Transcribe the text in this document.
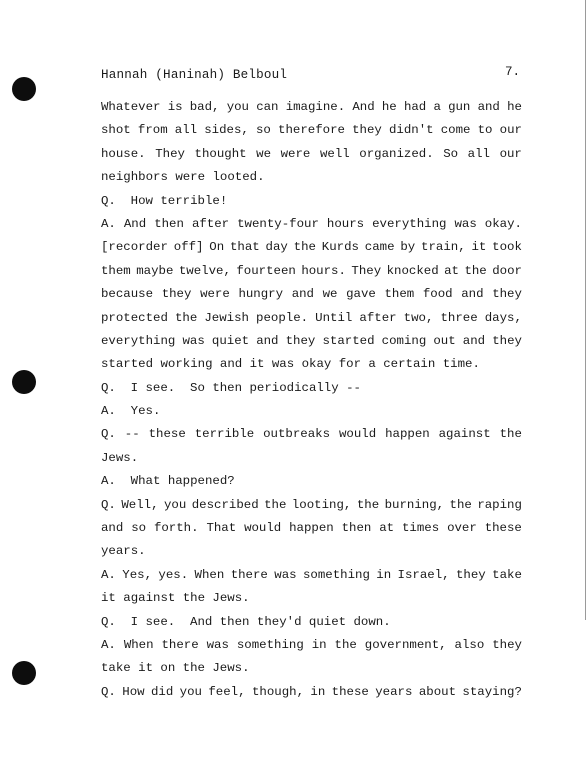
Hannah (Haninah) Belboul	7.
Whatever is bad, you can imagine. And he had a gun and he
shot from all sides, so therefore they didn't come to our
house. They thought we were well organized. So all our
neighbors were looted.
Q. How terrible!
A. And then after twenty-four hours everything was okay.
[recorder off] On that day the Kurds came by train, it took
them maybe twelve, fourteen hours. They knocked at the door
because they were hungry and we gave them food and they
protected the Jewish people. Until after two, three days,
everything was quiet and they started coming out and they
started working and it was okay for a certain time.
Q. I see. So then periodically --
A. Yes.
Q. -- these terrible outbreaks would happen against the
Jews.
A. What happened?
Q. Well, you described the looting, the burning, the raping
and so forth. That would happen then at times over these
years.
A. Yes, yes. When there was something in Israel, they take
it against the Jews.
Q. I see. And then they'd quiet down.
A. When there was something in the government, also they
take it on the Jews.
Q. How did you feel, though, in these years about staying?
